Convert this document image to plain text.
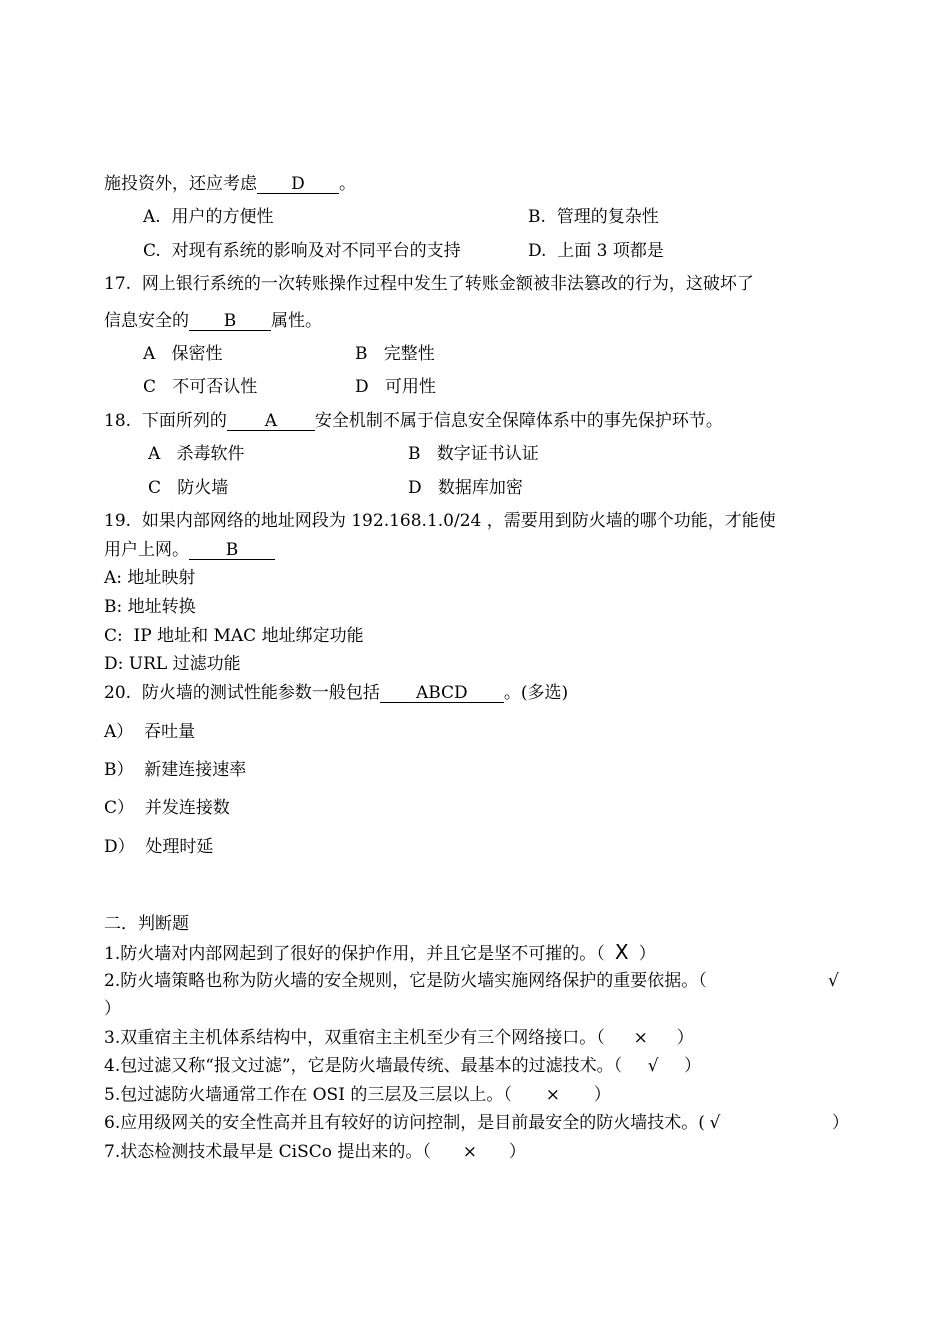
施投资外，还应考虑 D 。
A.  用户的方便性	B.  管理的复杂性
C.  对现有系统的影响及对不同平台的支持	D.  上面 3 项都是
17.  网上银行系统的一次转账操作过程中发生了转账金额被非法篡改的行为，这破坏了
信息安全的 B 属性。
A   保密性	B   完整性
C   不可否认性	D   可用性
18.  下面所列的 A 安全机制不属于信息安全保障体系中的事先保护环节。
A   杀毒软件	B   数字证书认证
C   防火墙	D   数据库加密
19.  如果内部网络的地址网段为 192.168.1.0/24 ，需要用到防火墙的哪个功能，才能使
用户上网。 B
A: 地址映射
B: 地址转换
C:  IP 地址和 MAC 地址绑定功能
D: URL 过滤功能
20.  防火墙的测试性能参数一般包括 ABCD 。(多选)
A）  吞吐量
B）  新建连接速率
C）  并发连接数
D）  处理时延
二．判断题
1.防火墙对内部网起到了很好的保护作用，并且它是坚不可摧的。（ X ）
2.防火墙策略也称为防火墙的安全规则，它是防火墙实施网络保护的重要依据。（	√
）
3.双重宿主主机体系结构中，双重宿主主机至少有三个网络接口。（ × ）
4.包过滤又称“报文过滤”，它是防火墙最传统、最基本的过滤技术。（ √ ）
5.包过滤防火墙通常工作在 OSI 的三层及三层以上。（ × ）
6.应用级网关的安全性高并且有较好的访问控制，是目前最安全的防火墙技术。( √	）
7.状态检测技术最早是 CiSCo 提出来的。（ × ）
